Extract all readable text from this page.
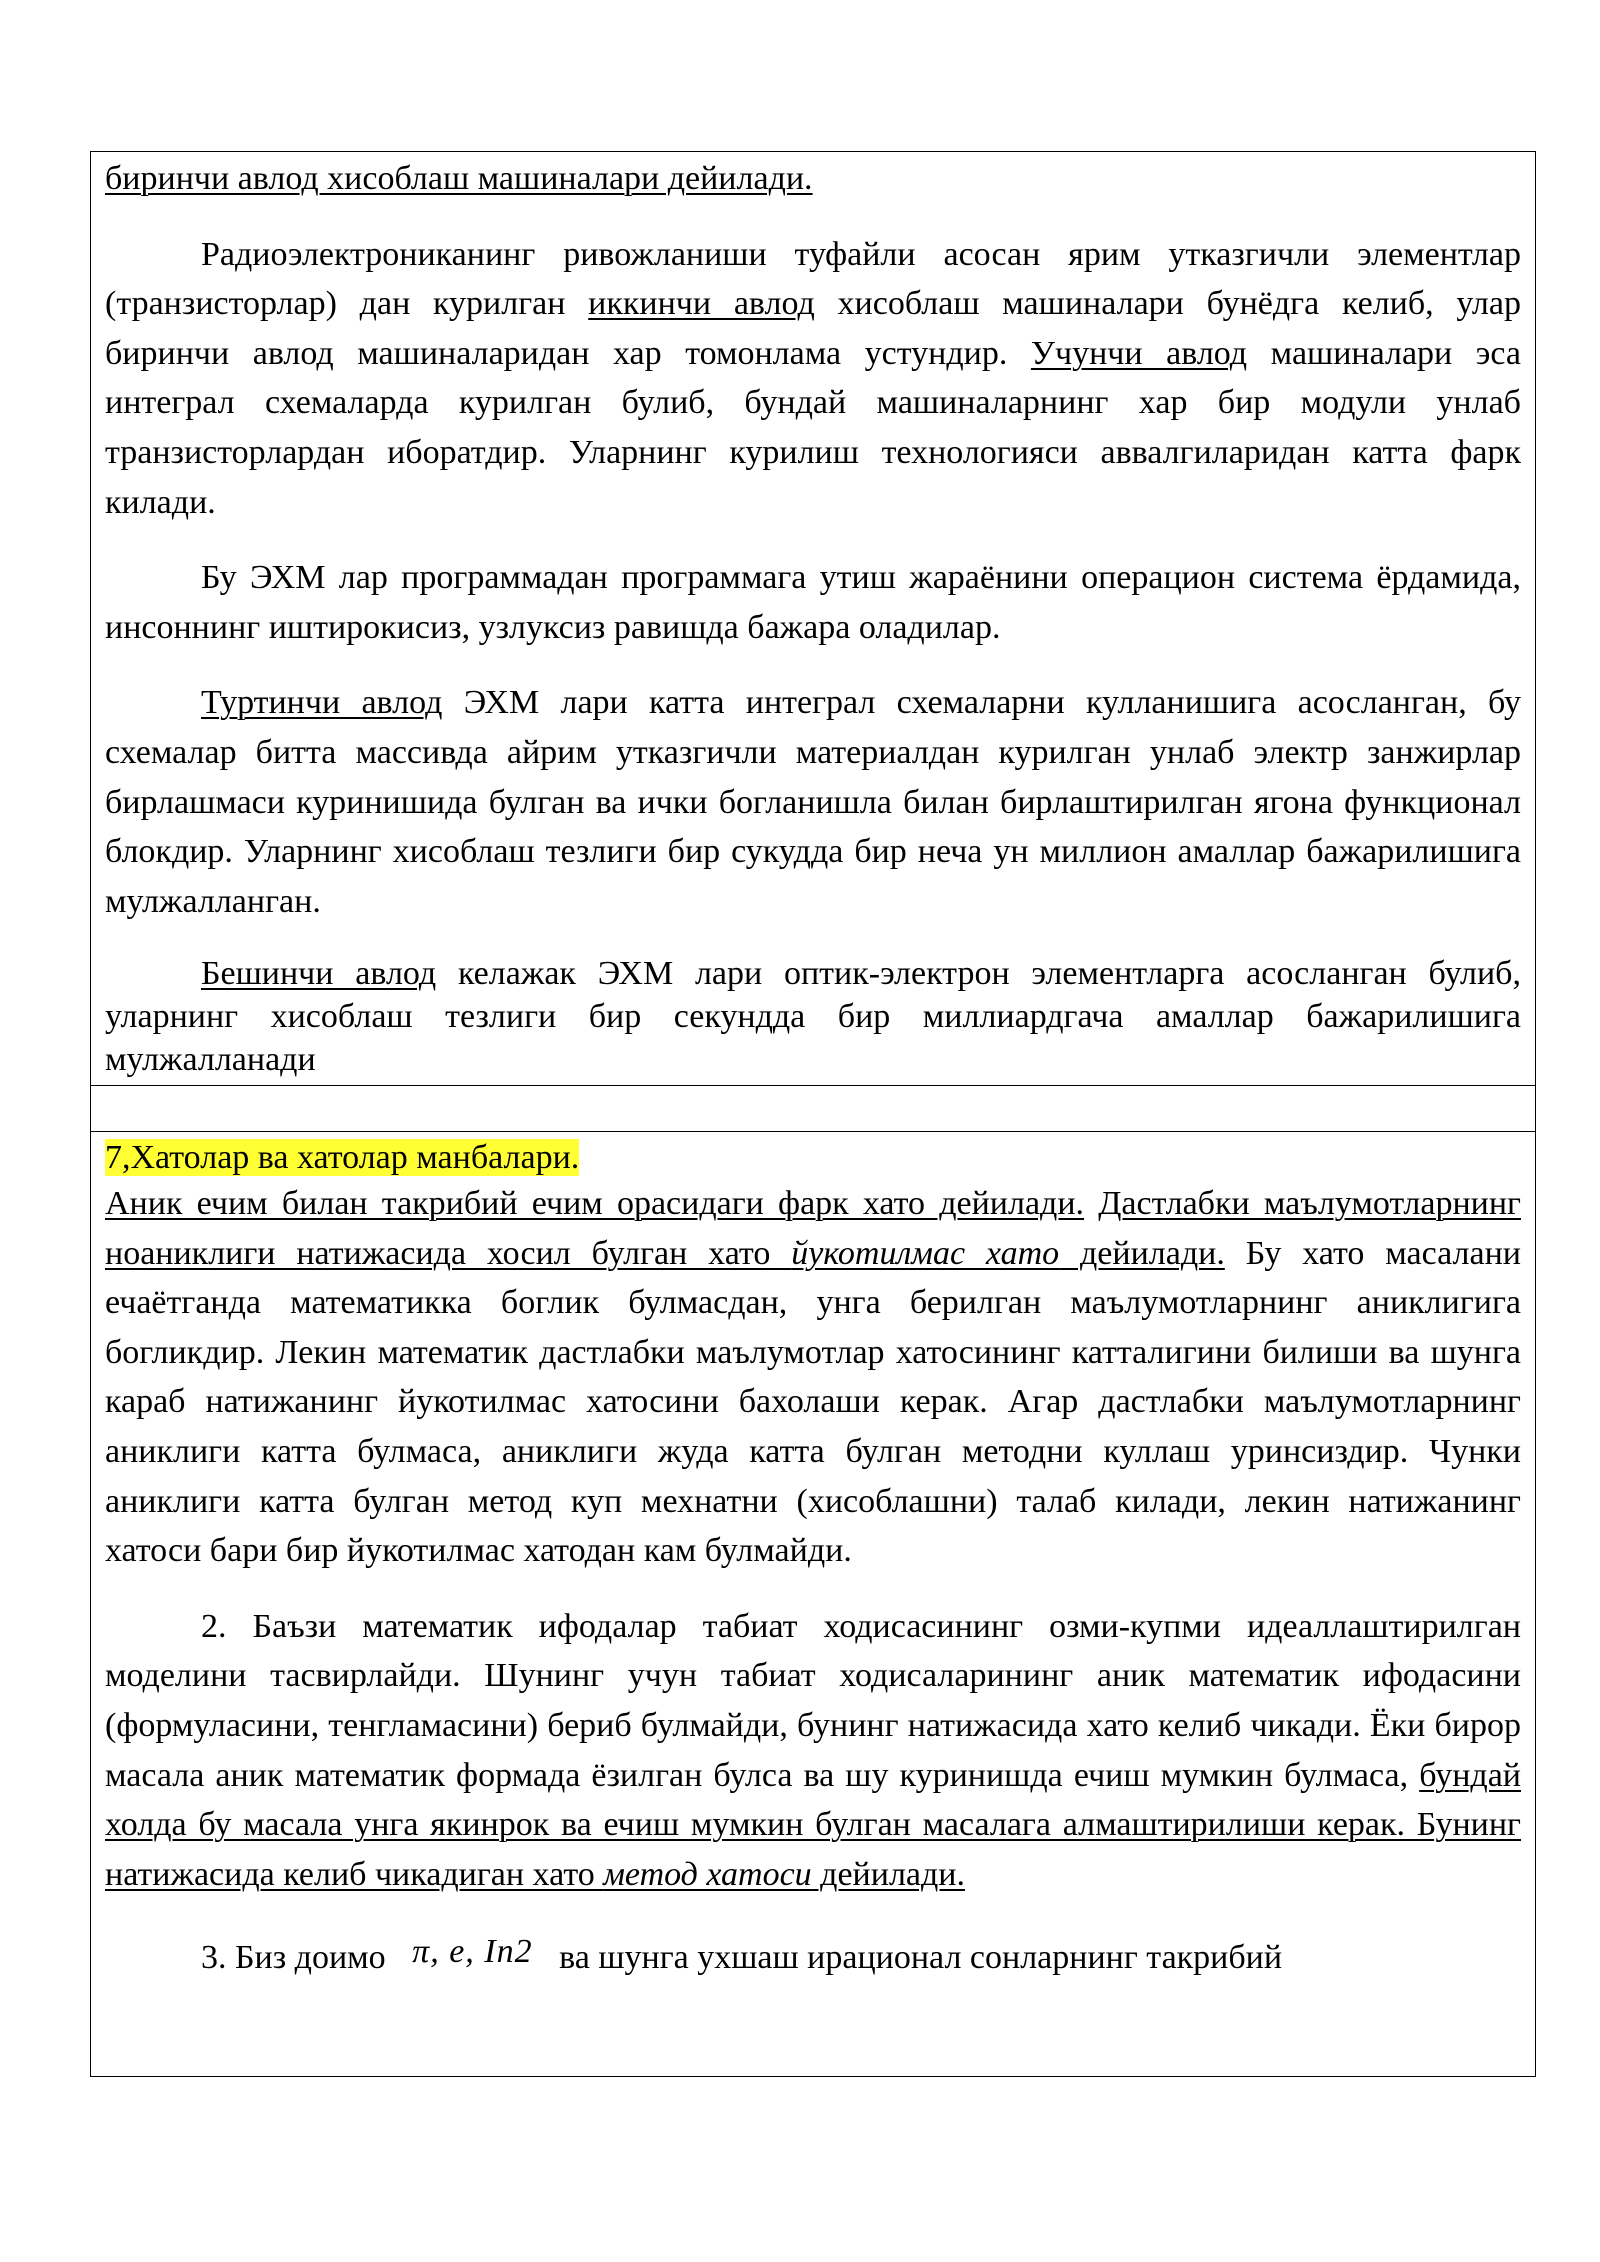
биринчи авлод хисоблаш машиналари дейилади.

Радиоэлектрониканинг ривожланиши туфайли асосан ярим утказгичли элементлар (транзисторлар) дан курилган иккинчи авлод хисоблаш машиналари бунёдга келиб, улар биринчи авлод машиналаридан хар томонлама устундир. Учунчи авлод машиналари эса интеграл схемаларда курилган булиб, бундай машиналарнинг хар бир модули унлаб транзисторлардан иборатдир. Уларнинг курилиш технологияси аввалгиларидан катта фарк килади.

Бу ЭХМ лар программадан программага утиш жараёнини операцион система ёрдамида, инсоннинг иштирокисиз, узлуксиз равишда бажара оладилар.

Туртинчи авлод ЭХМ лари катта интеграл схемаларни кулланишига асосланган, бу схемалар битта массивда айрим утказгичли материалдан курилган унлаб электр занжирлар бирлашмаси куринишида булган ва ички богланишла билан бирлаштирилган ягона функционал блокдир. Уларнинг хисоблаш тезлиги бир сукудда бир неча ун миллион амаллар бажарилишига мулжалланган.

Бешинчи авлод келажак ЭХМ лари оптик-электрон элементларга асосланган булиб, уларнинг хисоблаш тезлиги бир секундда бир миллиардгача амаллар бажарилишига мулжалланади

7,Хатолар ва хатолар манбалари.

Аник ечим билан такрибий ечим орасидаги фарк хато дейилади. Дастлабки маълумотларнинг ноаниклиги натижасида хосил булган хато йукотилмас хато дейилади. Бу хато масалани ечаётганда математикка боглик булмасдан, унга берилган маълумотларнинг аниклигига богликдир. Лекин математик дастлабки маълумотлар хатосининг катталигини билиши ва шунга караб натижанинг йукотилмас хатосини бахолаши керак. Агар дастлабки маълумотларнинг аниклиги катта булмаса, аниклиги жуда катта булган методни куллаш уринсиздир. Чунки аниклиги катта булган метод куп мехнатни (хисоблашни) талаб килади, лекин натижанинг хатоси бари бир йукотилмас хатодан кам булмайди.

2. Баъзи математик ифодалар табиат ходисасининг озми-купми идеаллаштирилган моделини тасвирлайди. Шунинг учун табиат ходисаларининг аник математик ифодасини (формуласини, тенгламасини) бериб булмайди, бунинг натижасида хато келиб чикади. Ёки бирор масала аник математик формада ёзилган булса ва шу куринишда ечиш мумкин булмаса, бундай холда бу масала унга якинрок ва ечиш мумкин булган масалага алмаштирилиши керак. Бунинг натижасида келиб чикадиган хато метод хатоси дейилади.

3. Биз доимо π, e, In2 ва шунга ухшаш ирационал сонларнинг такрибий
